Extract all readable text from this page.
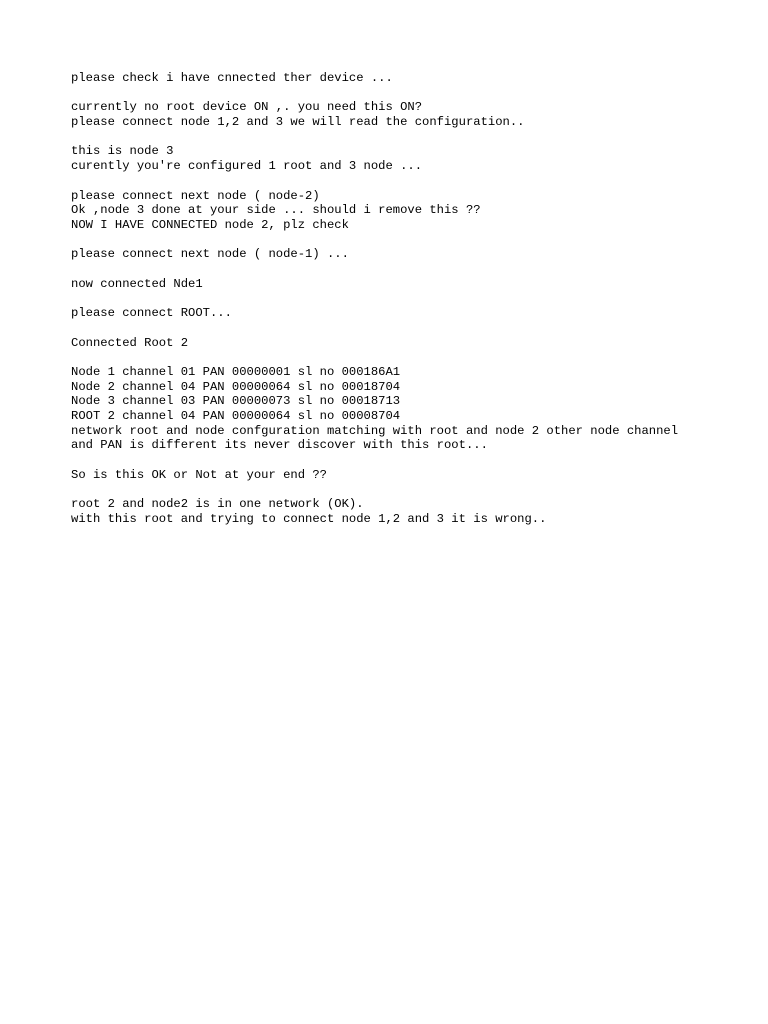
please check i have cnnected ther device ...
currently no root device ON ,. you need this ON?
please connect node 1,2 and 3 we will read the configuration..
this is node 3
curently you're configured 1 root and 3 node ...
please connect next node ( node-2)
Ok ,node 3 done at your side ... should i remove this ??
NOW I HAVE CONNECTED node 2, plz check
please connect next node ( node-1) ...
now connected Nde1
please connect ROOT...
Connected Root 2
Node 1 channel 01 PAN 00000001 sl no 000186A1
Node 2 channel 04 PAN 00000064 sl no 00018704
Node 3 channel 03 PAN 00000073 sl no 00018713
ROOT 2 channel 04 PAN 00000064 sl no 00008704
network root and node confguration matching with root and node 2 other node channel
and PAN is different its never discover with this root...
So is this OK or Not at your end ??
root 2 and node2 is in one network (OK).
with this root and trying to connect node 1,2 and 3 it is wrong..
